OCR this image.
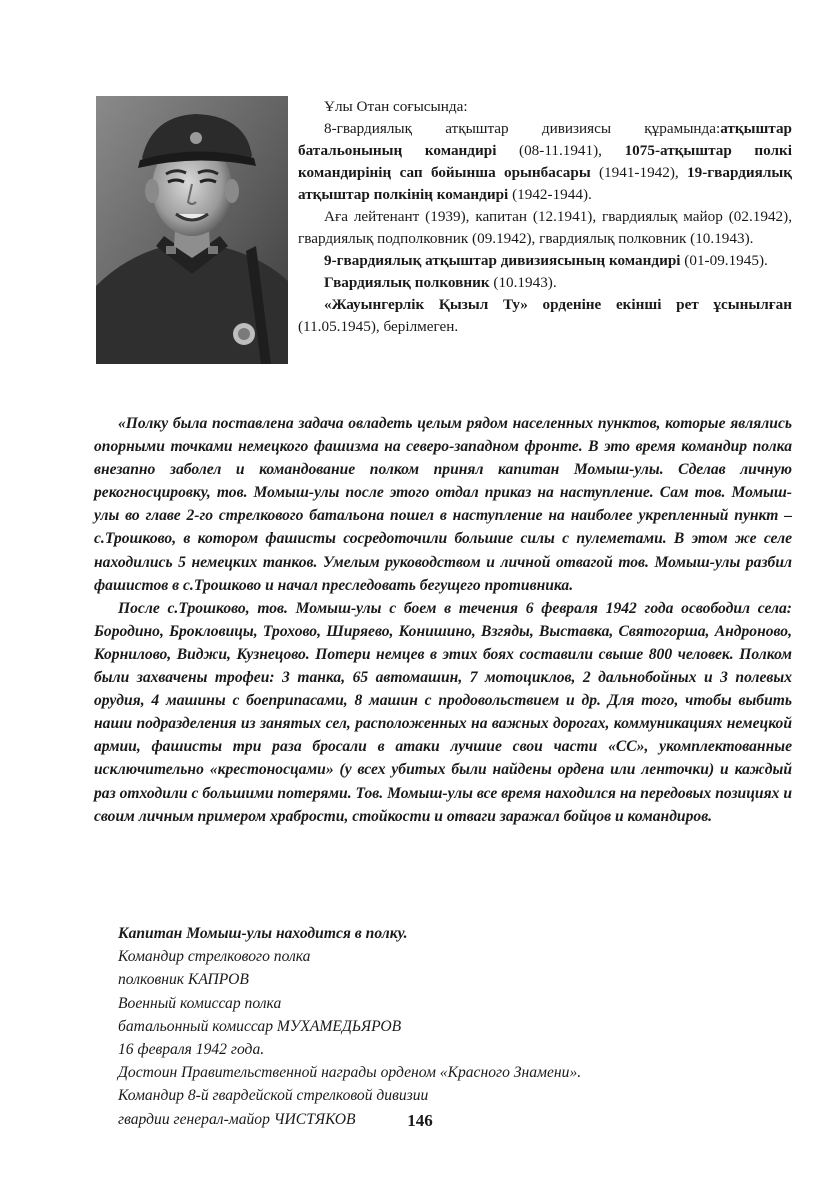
Ұлы Отан соғысында:

8-гвардиялық атқыштар дивизиясы құрамында:атқыштар батальонының командирі (08-11.1941), 1075-атқыштар полкі командирінің сап бойынша орынбасары (1941-1942), 19-гвардиялық атқыштар полкінің командирі (1942-1944).

Аға лейтенант (1939), капитан (12.1941), гвардиялық майор (02.1942), гвардиялық подполковник (09.1942), гвардиялық полковник (10.1943).

9-гвардиялық атқыштар дивизиясының командирі (01-09.1945).

Гвардиялық полковник (10.1943).

«Жауынгерлік Қызыл Ту» орденіне екінші рет ұсынылған (11.05.1945), берілмеген.

«Полку была поставлена задача овладеть целым рядом населенных пунктов, которые являлись опорными точками немецкого фашизма на северо-западном фронте. В это время командир полка внезапно заболел и командование полком принял капитан Момыш-улы. Сделав личную рекогносцировку, тов. Момыш-улы после этого отдал приказ на наступление. Сам тов. Момыш-улы во главе 2-го стрелкового батальона пошел в наступление на наиболее укрепленный пункт – с.Трошково, в котором фашисты сосредоточили большие силы с пулеметами. В этом же селе находились 5 немецких танков. Умелым руководством и личной отвагой тов. Момыш-улы разбил фашистов в с.Трошково и начал преследовать бегущего противника.

После с.Трошково, тов. Момыш-улы с боем в течения 6 февраля 1942 года освободил села: Бородино, Брокловицы, Трохово, Ширяево, Конишино, Взгяды, Выставка, Святогорша, Андроново, Корнилово, Виджи, Кузнецово. Потери немцев в этих боях составили свыше 800 человек. Полком были захвачены трофеи: 3 танка, 65 автомашин, 7 мотоциклов, 2 дальнобойных и 3 полевых орудия, 4 машины с боеприпасами, 8 машин с продовольствием и др. Для того, чтобы выбить наши подразделения из занятых сел, расположенных на важных дорогах, коммуникациях немецкой армии, фашисты три раза бросали в атаки лучшие свои части «СС», укомплектованные исключительно «крестоносцами» (у всех убитых были найдены ордена или ленточки) и каждый раз отходили с большими потерями. Тов. Момыш-улы все время находился на передовых позициях и своим личным примером храбрости, стойкости и отваги заражал бойцов и командиров.

Капитан Момыш-улы находится в полку.
Командир стрелкового полка
полковник КАПРОВ
Военный комиссар полка
батальонный комиссар МУХАМЕДЬЯРОВ
16 февраля 1942 года.
Достоин Правительственной награды орденом «Красного Знамени».
Командир 8-й гвардейской стрелковой дивизии
гвардии генерал-майор ЧИСТЯКОВ	146
